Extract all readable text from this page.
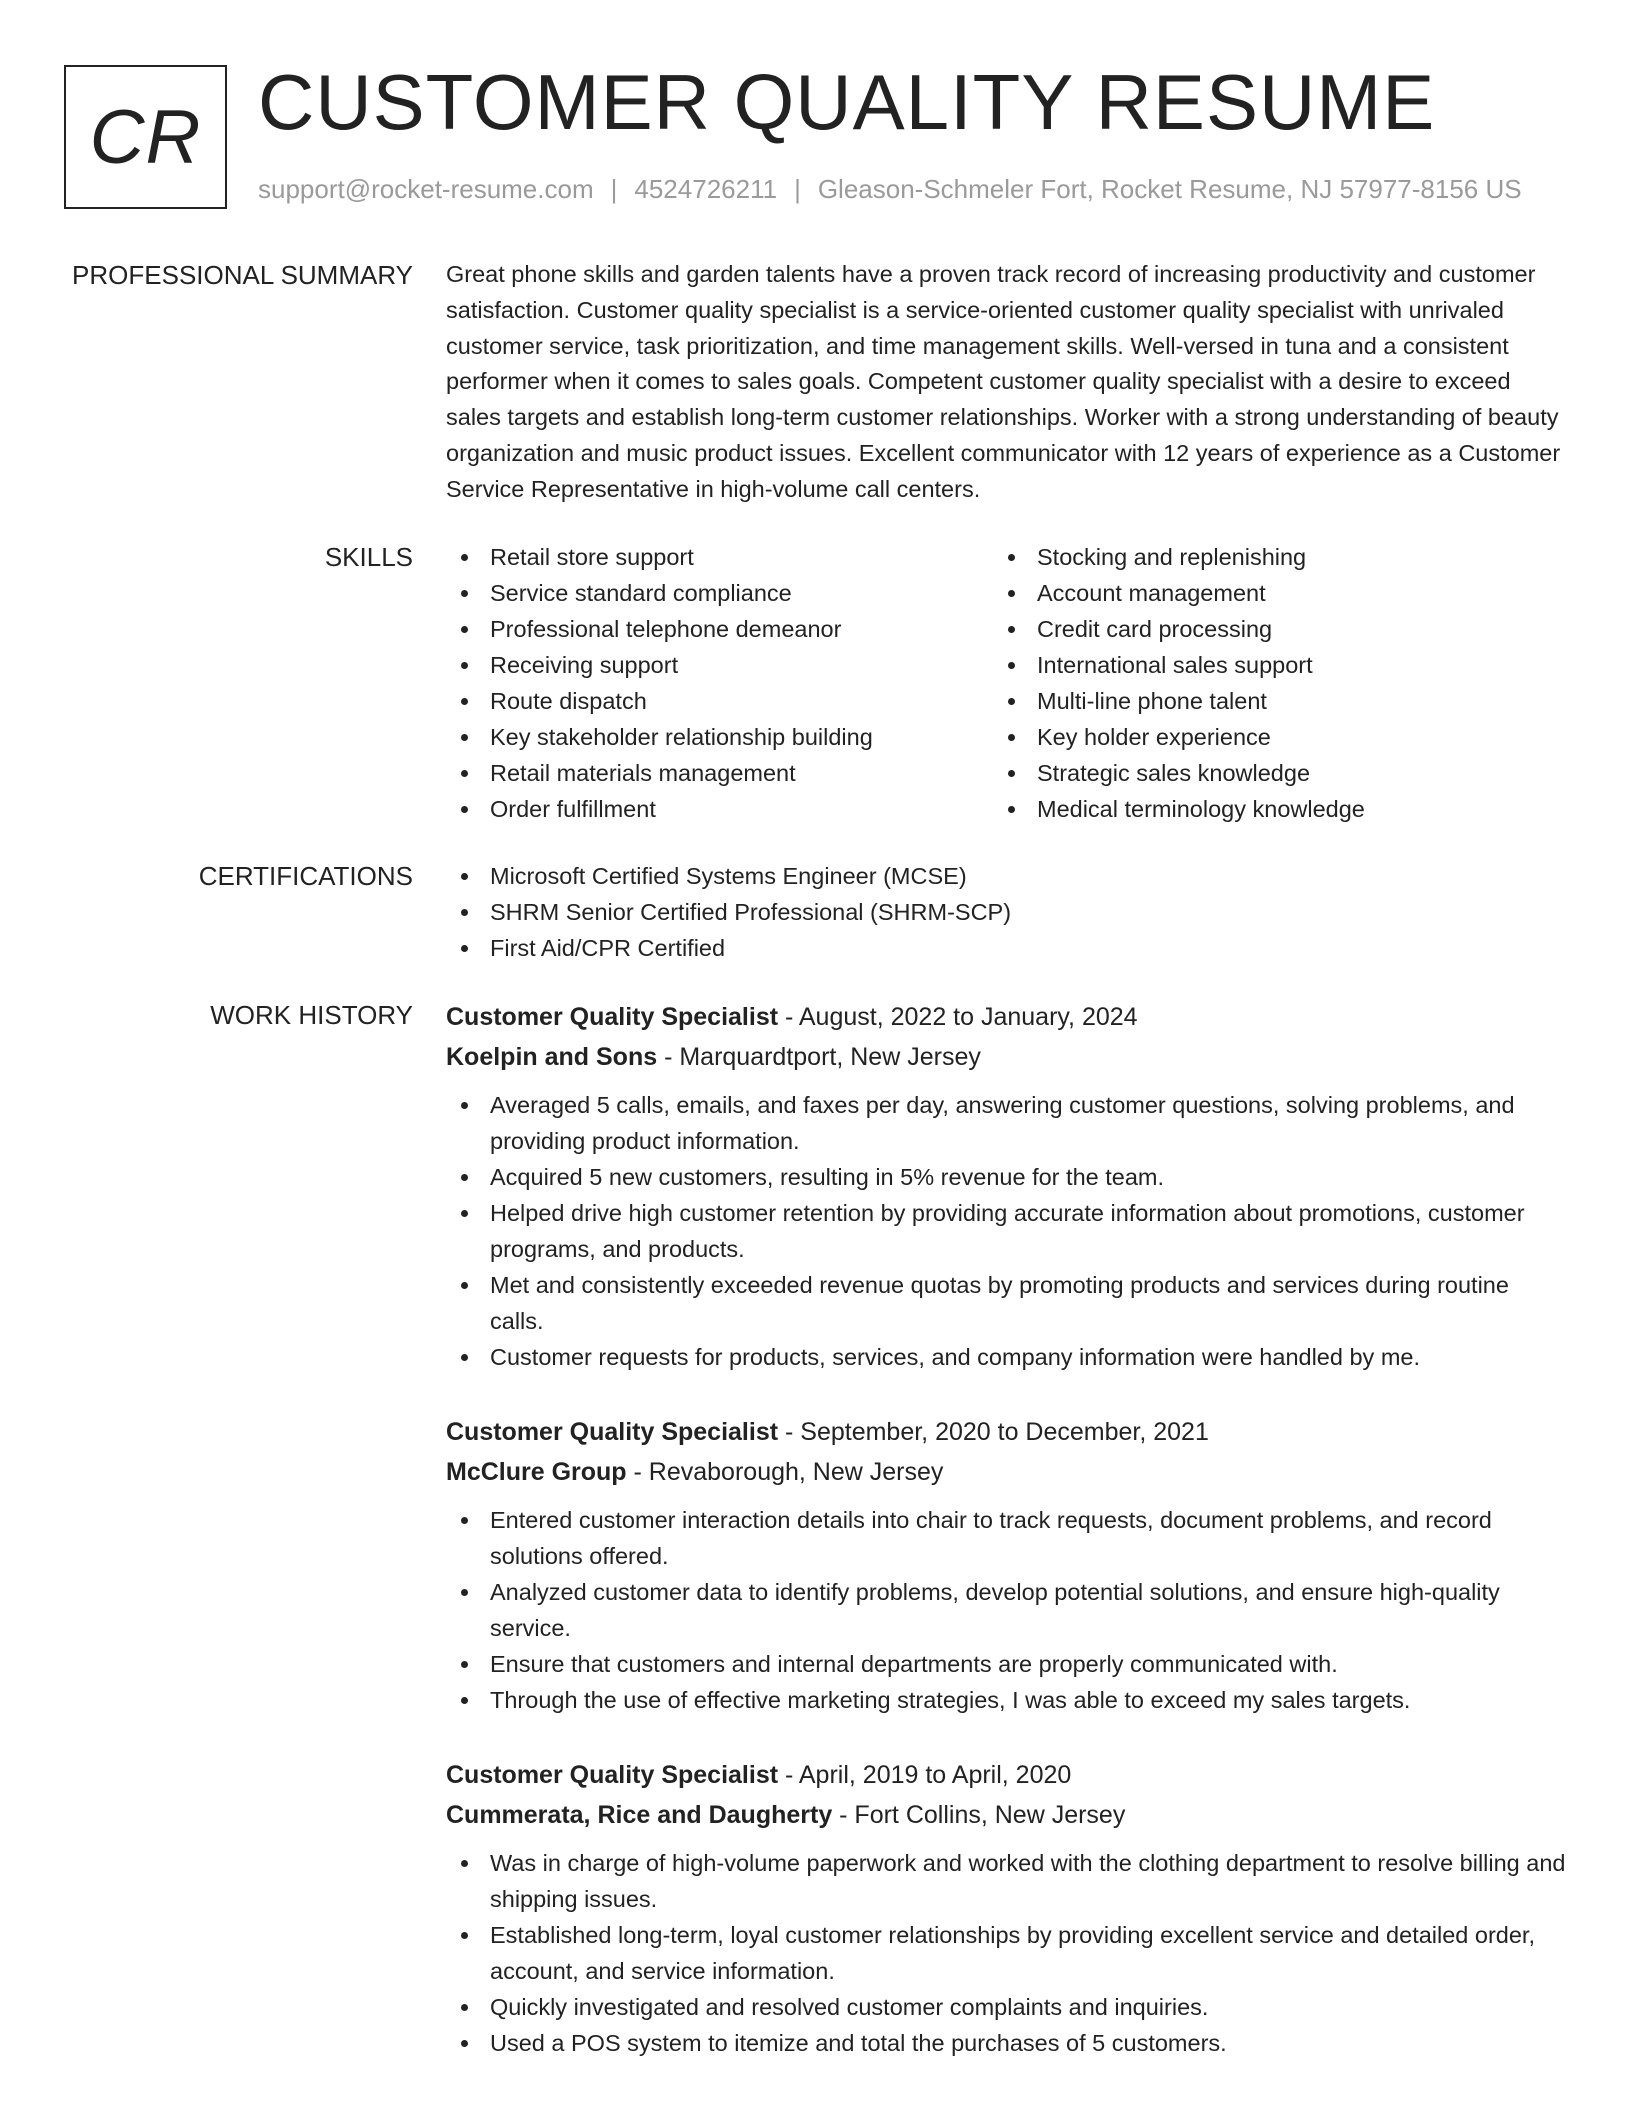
CR CUSTOMER QUALITY RESUME
support@rocket-resume.com | 4524726211 | Gleason-Schmeler Fort, Rocket Resume, NJ 57977-8156 US
PROFESSIONAL SUMMARY Great phone skills and garden talents have a proven track record of increasing productivity and customer satisfaction. Customer quality specialist is a service-oriented customer quality specialist with unrivaled customer service, task prioritization, and time management skills. Well-versed in tuna and a consistent performer when it comes to sales goals. Competent customer quality specialist with a desire to exceed sales targets and establish long-term customer relationships. Worker with a strong understanding of beauty organization and music product issues. Excellent communicator with 12 years of experience as a Customer Service Representative in high-volume call centers.

SKILLS	Retail store support
Service standard compliance
Professional telephone demeanor
Receiving support
Route dispatch
Key stakeholder relationship building
Retail materials management
Order fulfillment
Stocking and replenishing
Account management
Credit card processing
International sales support
Multi-line phone talent
Key holder experience
Strategic sales knowledge
Medical terminology knowledge
CERTIFICATIONS	Microsoft Certified Systems Engineer (MCSE)
SHRM Senior Certified Professional (SHRM-SCP)
First Aid/CPR Certified
WORK HISTORY Customer Quality Specialist - August, 2022 to January, 2024
Koelpin and Sons - Marquardtport, New Jersey
Averaged 5 calls, emails, and faxes per day, answering customer questions, solving problems, and providing product information.
Acquired 5 new customers, resulting in 5% revenue for the team.
Helped drive high customer retention by providing accurate information about promotions, customer programs, and products.
Met and consistently exceeded revenue quotas by promoting products and services during routine calls.
Customer requests for products, services, and company information were handled by me.
Customer Quality Specialist - September, 2020 to December, 2021
McClure Group - Revaborough, New Jersey
Entered customer interaction details into chair to track requests, document problems, and record solutions offered.
Analyzed customer data to identify problems, develop potential solutions, and ensure high-quality service.
Ensure that customers and internal departments are properly communicated with.
Through the use of effective marketing strategies, I was able to exceed my sales targets.
Customer Quality Specialist - April, 2019 to April, 2020
Cummerata, Rice and Daugherty - Fort Collins, New Jersey
Was in charge of high-volume paperwork and worked with the clothing department to resolve billing and shipping issues.
Established long-term, loyal customer relationships by providing excellent service and detailed order, account, and service information.
Quickly investigated and resolved customer complaints and inquiries.
Used a POS system to itemize and total the purchases of 5 customers.
